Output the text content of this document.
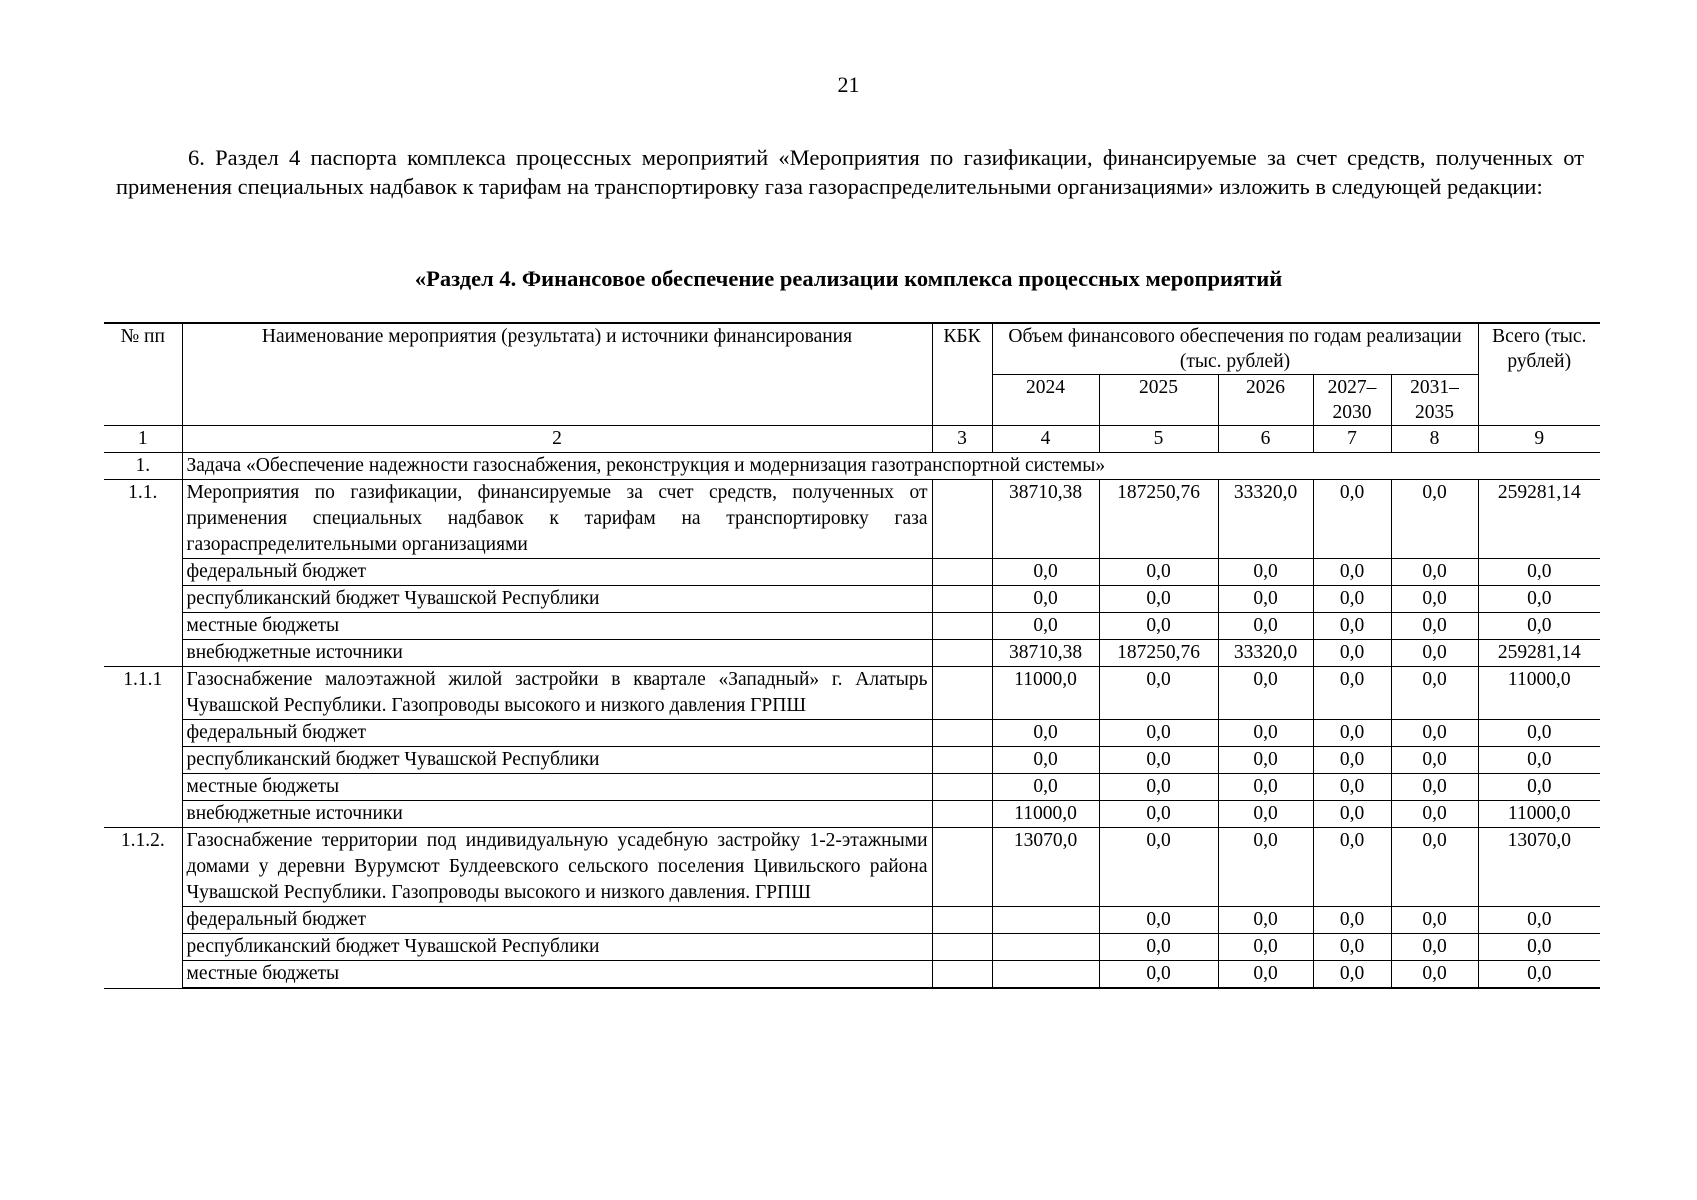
21

6. Раздел 4 паспорта комплекса процессных мероприятий «Мероприятия по газификации, финансируемые за счет средств, полученных от применения специальных надбавок к тарифам на транспортировку газа газораспределительными организациями» изложить в следующей редакции:

«Раздел 4. Финансовое обеспечение реализации комплекса процессных мероприятий

№ пп	Наименование мероприятия (результата) и источники финансирования	КБК	Объем финансового обеспечения по годам реализации (тыс. рублей)					Всего (тыс. рублей)
			2024	2025	2026	2027–2030	2031–2035	
1	2	3	4	5	6	7	8	9
1.	Задача «Обеспечение надежности газоснабжения, реконструкция и модернизация газотранспортной системы»							
1.1.	Мероприятия по газификации, финансируемые за счет средств, полученных от применения специальных надбавок к тарифам на транспортировку газа газораспределительными организациями		38710,38	187250,76	33320,0	0,0	0,0	259281,14
	федеральный бюджет		0,0	0,0	0,0	0,0	0,0	0,0
	республиканский бюджет Чувашской Республики		0,0	0,0	0,0	0,0	0,0	0,0
	местные бюджеты		0,0	0,0	0,0	0,0	0,0	0,0
	внебюджетные источники		38710,38	187250,76	33320,0	0,0	0,0	259281,14
1.1.1	Газоснабжение малоэтажной жилой застройки в квартале «Западный» г. Алатырь Чувашской Республики. Газопроводы высокого и низкого давления ГРПШ		11000,0	0,0	0,0	0,0	0,0	11000,0
	федеральный бюджет		0,0	0,0	0,0	0,0	0,0	0,0
	республиканский бюджет Чувашской Республики		0,0	0,0	0,0	0,0	0,0	0,0
	местные бюджеты		0,0	0,0	0,0	0,0	0,0	0,0
	внебюджетные источники		11000,0	0,0	0,0	0,0	0,0	11000,0
1.1.2.	Газоснабжение территории под индивидуальную усадебную застройку 1-2-этажными домами у деревни Вурумсют Булдеевского сельского поселения Цивильского района Чувашской Республики. Газопроводы высокого и низкого давления. ГРПШ		13070,0	0,0	0,0	0,0	0,0	13070,0
	федеральный бюджет			0,0	0,0	0,0	0,0	0,0
	республиканский бюджет Чувашской Республики			0,0	0,0	0,0	0,0	0,0
	местные бюджеты			0,0	0,0	0,0	0,0	0,0
